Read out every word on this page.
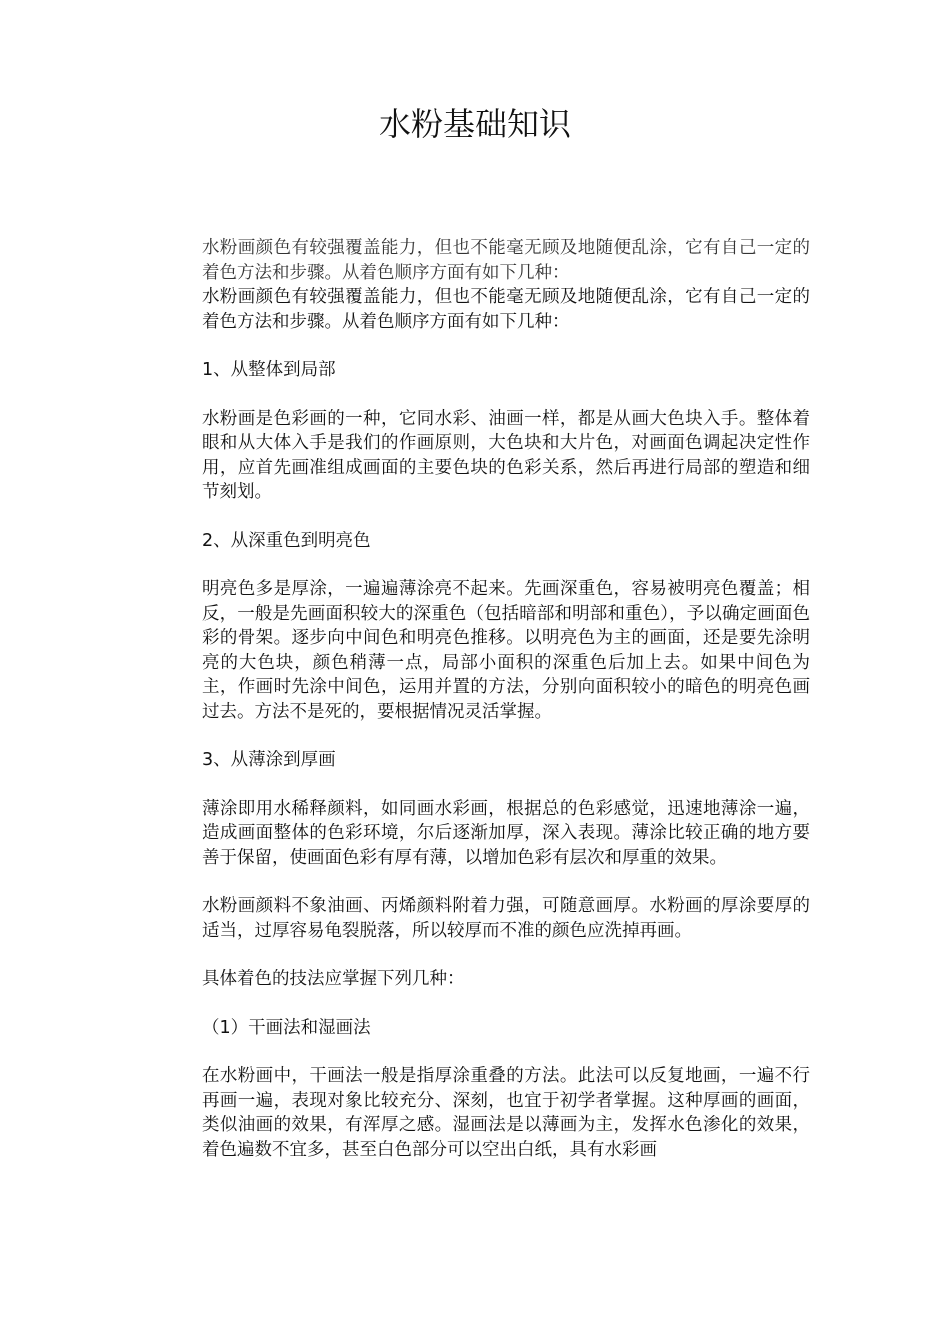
水粉基础知识

水粉画颜色有较强覆盖能力，但也不能毫无顾及地随便乱涂，它有自己一定的着色方法和步骤。从着色顺序方面有如下几种：

水粉画颜色有较强覆盖能力，但也不能毫无顾及地随便乱涂，它有自己一定的着色方法和步骤。从着色顺序方面有如下几种：

1、从整体到局部

水粉画是色彩画的一种，它同水彩、油画一样，都是从画大色块入手。整体着眼和从大体入手是我们的作画原则，大色块和大片色，对画面色调起决定性作用，应首先画准组成画面的主要色块的色彩关系，然后再进行局部的塑造和细节刻划。

2、从深重色到明亮色

明亮色多是厚涂，一遍遍薄涂亮不起来。先画深重色，容易被明亮色覆盖；相反，一般是先画面积较大的深重色（包括暗部和明部和重色），予以确定画面色彩的骨架。逐步向中间色和明亮色推移。以明亮色为主的画面，还是要先涂明亮的大色块，颜色稍薄一点，局部小面积的深重色后加上去。如果中间色为主，作画时先涂中间色，运用并置的方法，分别向面积较小的暗色的明亮色画过去。方法不是死的，要根据情况灵活掌握。

3、从薄涂到厚画

薄涂即用水稀释颜料，如同画水彩画，根据总的色彩感觉，迅速地薄涂一遍，造成画面整体的色彩环境，尔后逐渐加厚，深入表现。薄涂比较正确的地方要善于保留，使画面色彩有厚有薄，以增加色彩有层次和厚重的效果。

水粉画颜料不象油画、丙烯颜料附着力强，可随意画厚。水粉画的厚涂要厚的适当，过厚容易龟裂脱落，所以较厚而不准的颜色应洗掉再画。

具体着色的技法应掌握下列几种：

（1）干画法和湿画法

在水粉画中，干画法一般是指厚涂重叠的方法。此法可以反复地画，一遍不行再画一遍，表现对象比较充分、深刻，也宜于初学者掌握。这种厚画的画面，类似油画的效果，有浑厚之感。湿画法是以薄画为主，发挥水色渗化的效果，着色遍数不宜多，甚至白色部分可以空出白纸，具有水彩画
